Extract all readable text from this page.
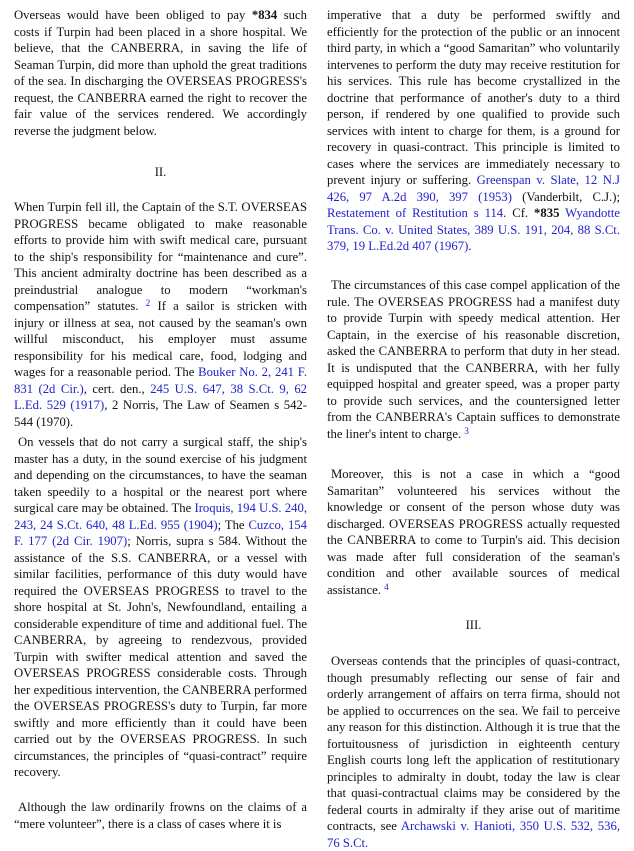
Overseas would have been obliged to pay *834 such costs if Turpin had been placed in a shore hospital. We believe, that the CANBERRA, in saving the life of Seaman Turpin, did more than uphold the great traditions of the sea. In discharging the OVERSEAS PROGRESS's request, the CANBERRA earned the right to recover the fair value of the services rendered. We accordingly reverse the judgment below.

II.

When Turpin fell ill, the Captain of the S.T. OVERSEAS PROGRESS became obligated to make reasonable efforts to provide him with swift medical care, pursuant to the ship's responsibility for “maintenance and cure”. This ancient admiralty doctrine has been described as a preindustrial analogue to modern “workman's compensation” statutes. $^2$ If a sailor is stricken with injury or illness at sea, not caused by the seaman's own willful misconduct, his employer must assume responsibility for his medical care, food, lodging and wages for a reasonable period. The Bouker No. 2, 241 F. 831 (2d Cir.), cert. den., 245 U.S. 647, 38 S.Ct. 9, 62 L.Ed. 529 (1917), 2 Norris, The Law of Seamen s 542-544 (1970).

On vessels that do not carry a surgical staff, the ship's master has a duty, in the sound exercise of his judgment and depending on the circumstances, to have the seaman taken speedily to a hospital or the nearest port where surgical care may be obtained. The Iroquis, 194 U.S. 240, 243, 24 S.Ct. 640, 48 L.Ed. 955 (1904); The Cuzco, 154 F. 177 (2d Cir. 1907); Norris, supra s 584. Without the assistance of the S.S. CANBERRA, or a vessel with similar facilities, performance of this duty would have required the OVERSEAS PROGRESS to travel to the shore hospital at St. John's, Newfoundland, entailing a considerable expenditure of time and additional fuel. The CANBERRA, by agreeing to rendezvous, provided Turpin with swifter medical attention and saved the OVERSEAS PROGRESS considerable costs. Through her expeditious intervention, the CANBERRA performed the OVERSEAS PROGRESS's duty to Turpin, far more swiftly and more efficiently than it could have been carried out by the OVERSEAS PROGRESS. In such circumstances, the principles of “quasi-contract” require recovery.

Although the law ordinarily frowns on the claims of a “mere volunteer”, there is a class of cases where it is

imperative that a duty be performed swiftly and efficiently for the protection of the public or an innocent third party, in which a “good Samaritan” who voluntarily intervenes to perform the duty may receive restitution for his services. This rule has become crystallized in the doctrine that performance of another's duty to a third person, if rendered by one qualified to provide such services with intent to charge for them, is a ground for recovery in quasi-contract. This principle is limited to cases where the services are immediately necessary to prevent injury or suffering. Greenspan v. Slate, 12 N.J 426, 97 A.2d 390, 397 (1953) (Vanderbilt, C.J.); Restatement of Restitution s 114. Cf. *835 Wyandotte Trans. Co. v. United States, 389 U.S. 191, 204, 88 S.Ct. 379, 19 L.Ed.2d 407 (1967).

The circumstances of this case compel application of the rule. The OVERSEAS PROGRESS had a manifest duty to provide Turpin with speedy medical attention. Her Captain, in the exercise of his reasonable discretion, asked the CANBERRA to perform that duty in her stead. It is undisputed that the CANBERRA, with her fully equipped hospital and greater speed, was a proper party to provide such services, and the countersigned letter from the CANBERRA's Captain suffices to demonstrate the liner's intent to charge. $^3$

Moreover, this is not a case in which a “good Samaritan” volunteered his services without the knowledge or consent of the person whose duty was discharged. OVERSEAS PROGRESS actually requested the CANBERRA to come to Turpin's aid. This decision was made after full consideration of the seaman's condition and other available sources of medical assistance. $^4$

III.

Overseas contends that the principles of quasi-contract, though presumably reflecting our sense of fair and orderly arrangement of affairs on terra firma, should not be applied to occurrences on the sea. We fail to perceive any reason for this distinction. Although it is true that the fortuitousness of jurisdiction in eighteenth century English courts long left the application of restitutionary principles to admiralty in doubt, today the law is clear that quasi-contractual claims may be considered by the federal courts in admiralty if they arise out of maritime contracts, see Archawski v. Hanioti, 350 U.S. 532, 536, 76 S.Ct.
